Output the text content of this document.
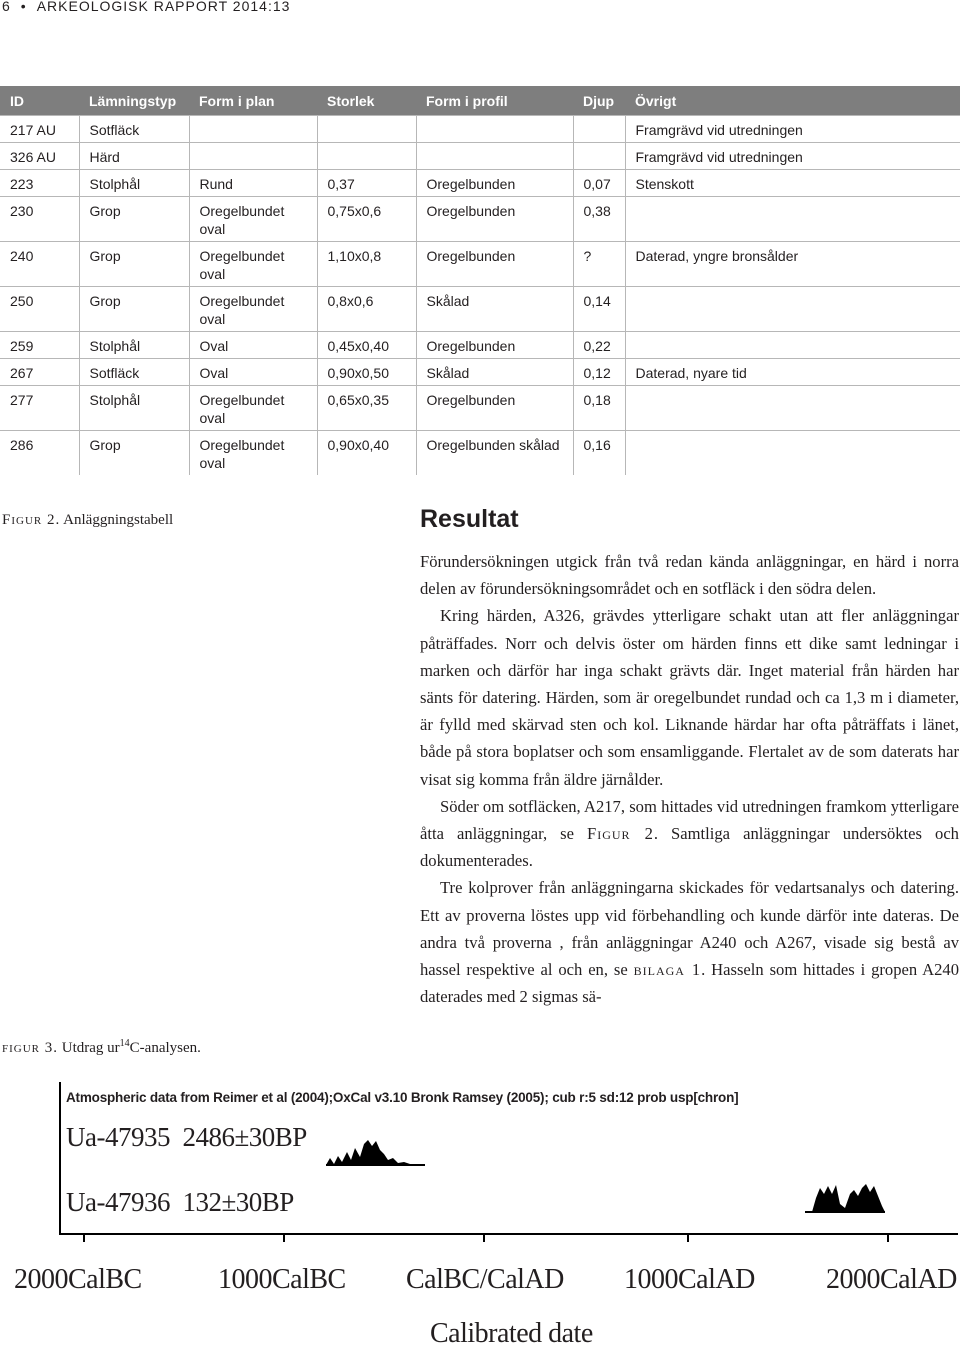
6 • ARKEOLOGISK RAPPORT 2014:13
ID	Lämningstyp	Form i plan	Storlek	Form i profil	Djup	Övrigt
217 AU	Sotfläck					Framgrävd vid utredningen
326 AU	Härd					Framgrävd vid utredningen
223	Stolphål	Rund	0,37	Oregelbunden	0,07	Stenskott
230	Grop	Oregelbundet oval	0,75x0,6	Oregelbunden	0,38	
240	Grop	Oregelbundet oval	1,10x0,8	Oregelbunden	?	Daterad, yngre bronsålder
250	Grop	Oregelbundet oval	0,8x0,6	Skålad	0,14	
259	Stolphål	Oval	0,45x0,40	Oregelbunden	0,22	
267	Sotfläck	Oval	0,90x0,50	Skålad	0,12	Daterad, nyare tid
277	Stolphål	Oregelbundet oval	0,65x0,35	Oregelbunden	0,18	
286	Grop	Oregelbundet oval	0,90x0,40	Oregelbunden skålad	0,16	
Figur 2. Anläggningstabell
figur 3. Utdrag $ur^{14}C$-analysen.
Resultat

Förundersökningen utgick från två redan kända anläggningar, en härd i norra delen av förundersökningsområdet och en sotfläck i den södra delen.

Kring härden, A326, grävdes ytterligare schakt utan att fler anläggningar påträffades. Norr och delvis öster om härden finns ett dike samt ledningar i marken och därför har inga schakt grävts där. Inget material från härden har sänts för datering. Härden, som är oregelbundet rundad och ca 1,3 m i diameter, är fylld med skärvad sten och kol. Liknande härdar har ofta påträffats i länet, både på stora boplatser och som ensamliggande. Flertalet av de som daterats har visat sig komma från äldre järnålder.

Söder om sotfläcken, A217, som hittades vid utredningen framkom ytterligare åtta anläggningar, se Figur 2. Samtliga anläggningar undersöktes och dokumenterades.

Tre kolprover från anläggningarna skickades för vedartsanalys och datering. Ett av proverna löstes upp vid förbehandling och kunde därför inte dateras. De andra två proverna , från anläggningar A240 och A267, visade sig bestå av hassel respektive al och en, se bilaga 1. Hasseln som hittades i gropen A240 daterades med 2 sigmas sä-

Atmospheric data from Reimer et al (2004);OxCal v3.10 Bronk Ramsey (2005); cub r:5 sd:12 prob usp[chron]
Ua-47935 2486±30BP
Ua-47936 132±30BP
2000CalBC	1000CalBC CalBC/CalAD 1000CalAD	2000CalAD
Calibrated date
